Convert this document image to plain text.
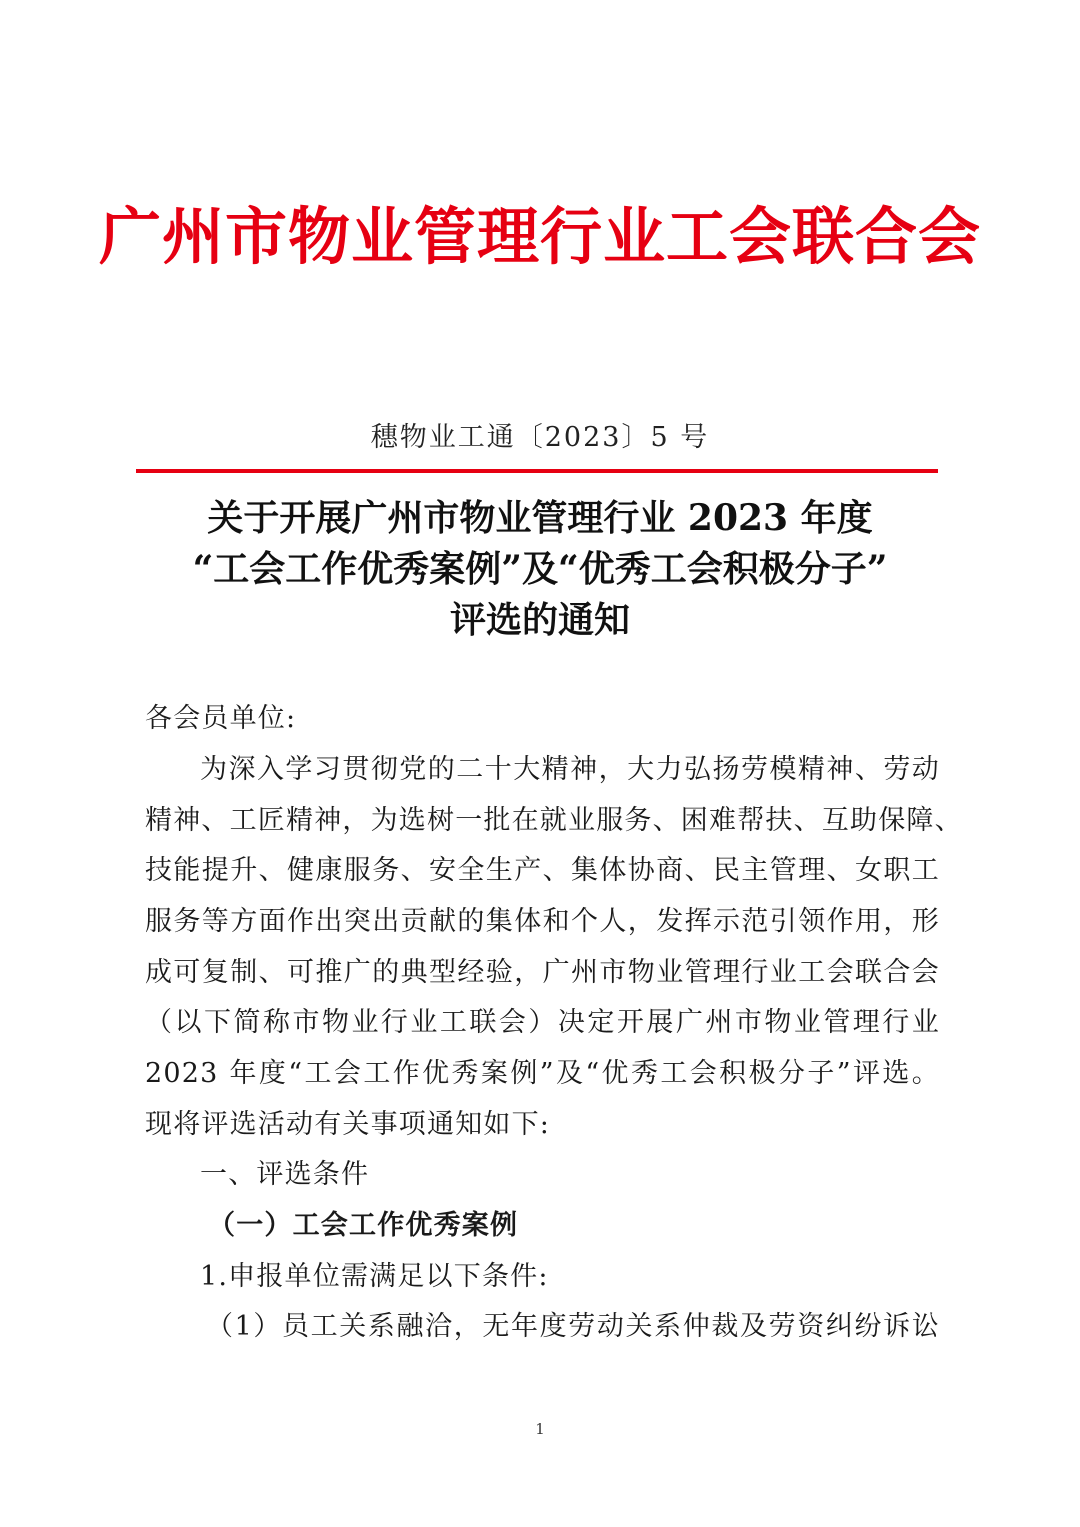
广州市物业管理行业工会联合会
穗物业工通〔2023〕5 号
关于开展广州市物业管理行业 2023 年度
“工会工作优秀案例”及“优秀工会积极分子”
评选的通知
各会员单位:
为深入学习贯彻党的二十大精神，大力弘扬劳模精神、劳动
精神、工匠精神，为选树一批在就业服务、困难帮扶、互助保障、
技能提升、健康服务、安全生产、集体协商、民主管理、女职工
服务等方面作出突出贡献的集体和个人，发挥示范引领作用，形
成可复制、可推广的典型经验，广州市物业管理行业工会联合会
（以下简称市物业行业工联会）决定开展广州市物业管理行业
2023 年度“工会工作优秀案例”及“优秀工会积极分子”评选。
现将评选活动有关事项通知如下:
一、评选条件
（一）工会工作优秀案例
1.申报单位需满足以下条件:
（1）员工关系融洽，无年度劳动关系仲裁及劳资纠纷诉讼
1
